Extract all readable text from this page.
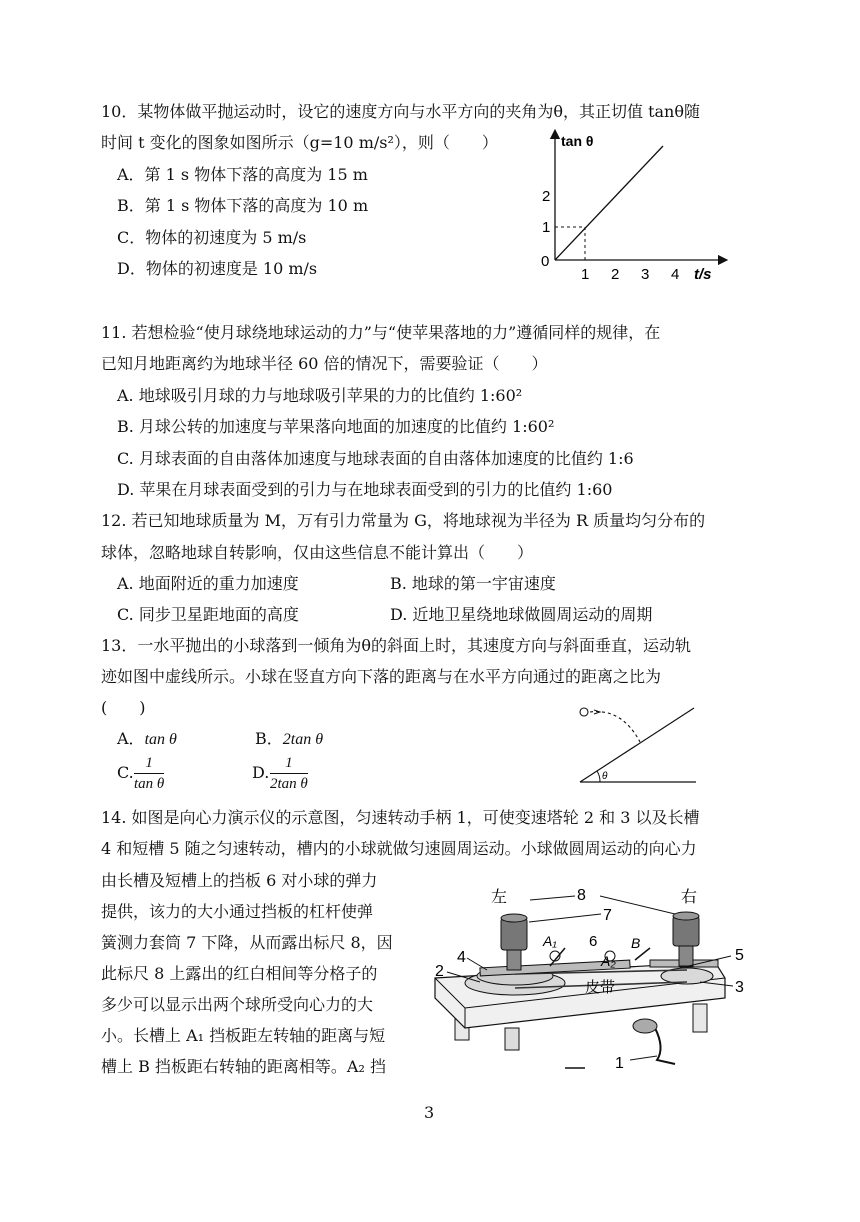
10．某物体做平抛运动时，设它的速度方向与水平方向的夹角为θ，其正切值 tanθ随
时间 t 变化的图象如图所示（g=10 m/s²），则（　　）
A．第 1 s 物体下落的高度为 15 m
B．第 1 s 物体下落的高度为 10 m
C．物体的初速度为 5 m/s
D．物体的初速度是 10 m/s
tan θ
0
1
2
1 2 3 4 t/s
11. 若想检验“使月球绕地球运动的力”与“使苹果落地的力”遵循同样的规律，在
已知月地距离约为地球半径 60 倍的情况下，需要验证（　　）
A. 地球吸引月球的力与地球吸引苹果的力的比值约 1:60²
B. 月球公转的加速度与苹果落向地面的加速度的比值约 1:60²
C. 月球表面的自由落体加速度与地球表面的自由落体加速度的比值约 1:6
D. 苹果在月球表面受到的引力与在地球表面受到的引力的比值约 1:60
12. 若已知地球质量为 M，万有引力常量为 G，将地球视为半径为 R 质量均匀分布的
球体，忽略地球自转影响，仅由这些信息不能计算出（　　）
A. 地面附近的重力加速度	B. 地球的第一宇宙速度
C. 同步卫星距地面的高度	D. 近地卫星绕地球做圆周运动的周期
13．一水平抛出的小球落到一倾角为θ的斜面上时，其速度方向与斜面垂直，运动轨
迹如图中虚线所示。小球在竖直方向下落的距离与在水平方向通过的距离之比为
(　　)
A．tan θ	B．2tan θ
C. $\frac{1}{\text{tan θ}}$	D. $\frac{1}{\text{2tan θ}}$	θ
14. 如图是向心力演示仪的示意图，匀速转动手柄 1，可使变速塔轮 2 和 3 以及长槽
4 和短槽 5 随之匀速转动，槽内的小球就做匀速圆周运动。小球做圆周运动的向心力
由长槽及短槽上的挡板 6 对小球的弹力
提供，该力的大小通过挡板的杠杆使弹
簧测力套筒 7 下降，从而露出标尺 8，因
此标尺 8 上露出的红白相间等分格子的
多少可以显示出两个球所受向心力的大
小。长槽上 A₁ 挡板距左转轴的距离与短
槽上 B 挡板距右转轴的距离相等。A₂ 挡
左	右
8
7
A₁ 6
A₂
B
5
3
2
4
皮带
1
3
